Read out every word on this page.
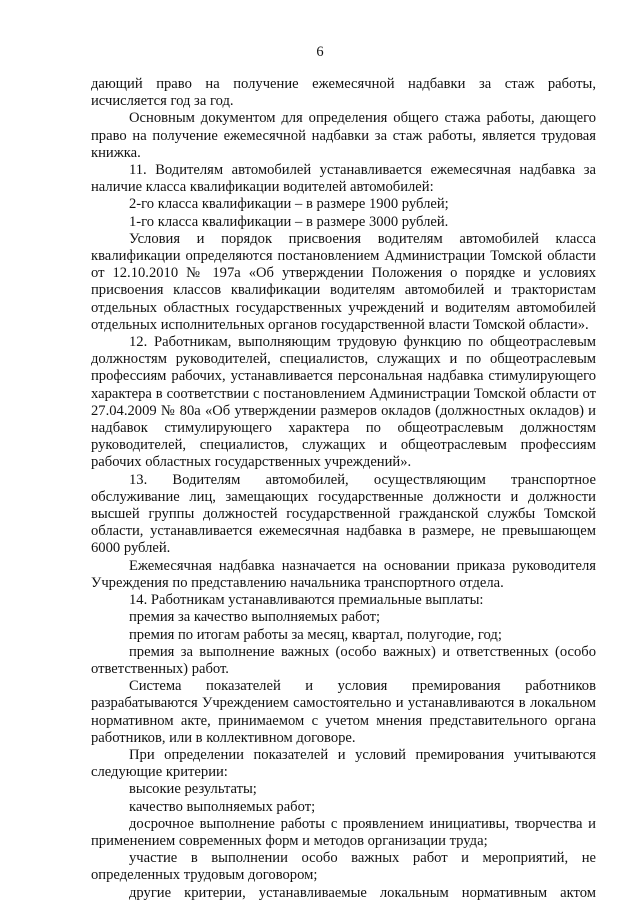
6

дающий право на получение ежемесячной надбавки за стаж работы, исчисляется год за год.

Основным документом для определения общего стажа работы, дающего право на получение ежемесячной надбавки за стаж работы, является трудовая книжка.

11. Водителям автомобилей устанавливается ежемесячная надбавка за наличие класса квалификации водителей автомобилей:

2-го класса квалификации – в размере 1900 рублей;

1-го класса квалификации – в размере 3000 рублей.

Условия и порядок присвоения водителям автомобилей класса квалификации определяются постановлением Администрации Томской области от 12.10.2010 № 197а «Об утверждении Положения о порядке и условиях присвоения классов квалификации водителям автомобилей и трактористам отдельных областных государственных учреждений и водителям автомобилей отдельных исполнительных органов государственной власти Томской области».

12. Работникам, выполняющим трудовую функцию по общеотраслевым должностям руководителей, специалистов, служащих и по общеотраслевым профессиям рабочих, устанавливается персональная надбавка стимулирующего характера в соответствии с постановлением Администрации Томской области от 27.04.2009 № 80а «Об утверждении размеров окладов (должностных окладов) и надбавок стимулирующего характера по общеотраслевым должностям руководителей, специалистов, служащих и общеотраслевым профессиям рабочих областных государственных учреждений».

13. Водителям автомобилей, осуществляющим транспортное обслуживание лиц, замещающих государственные должности и должности высшей группы должностей государственной гражданской службы Томской области, устанавливается ежемесячная надбавка в размере, не превышающем 6000 рублей.

Ежемесячная надбавка назначается на основании приказа руководителя Учреждения по представлению начальника транспортного отдела.

14. Работникам устанавливаются премиальные выплаты:

премия за качество выполняемых работ;

премия по итогам работы за месяц, квартал, полугодие, год;

премия за выполнение важных (особо важных) и ответственных (особо ответственных) работ.

Система показателей и условия премирования работников разрабатываются Учреждением самостоятельно и устанавливаются в локальном нормативном акте, принимаемом с учетом мнения представительного органа работников, или в коллективном договоре.

При определении показателей и условий премирования учитываются следующие критерии:

высокие результаты;

качество выполняемых работ;

досрочное выполнение работы с проявлением инициативы, творчества и применением современных форм и методов организации труда;

участие в выполнении особо важных работ и мероприятий, не определенных трудовым договором;

другие критерии, устанавливаемые локальным нормативным актом
